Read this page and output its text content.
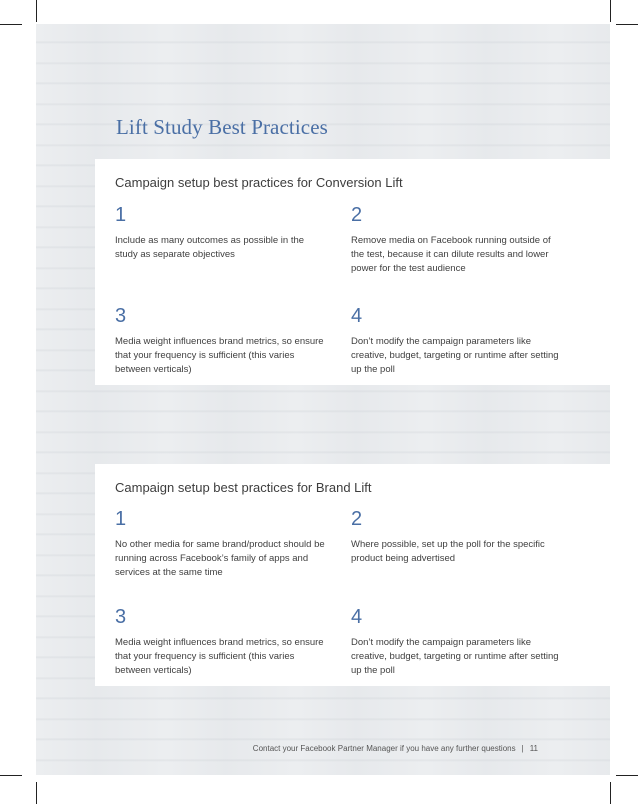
Lift Study Best Practices
Campaign setup best practices for Conversion Lift
1
Include as many outcomes as possible in the study as separate objectives
2
Remove media on Facebook running outside of the test, because it can dilute results and lower power for the test audience
3
Media weight influences brand metrics, so ensure that your frequency is sufficient (this varies between verticals)
4
Don’t modify the campaign parameters like creative, budget, targeting or runtime after setting up the poll
Campaign setup best practices for Brand Lift
1
No other media for same brand/product should be running across Facebook’s family of apps and services at the same time
2
Where possible, set up the poll for the specific product being advertised
3
Media weight influences brand metrics, so ensure that your frequency is sufficient (this varies between verticals)
4
Don’t modify the campaign parameters like creative, budget, targeting or runtime after setting up the poll
Contact your Facebook Partner Manager if you have any further questions | 11
